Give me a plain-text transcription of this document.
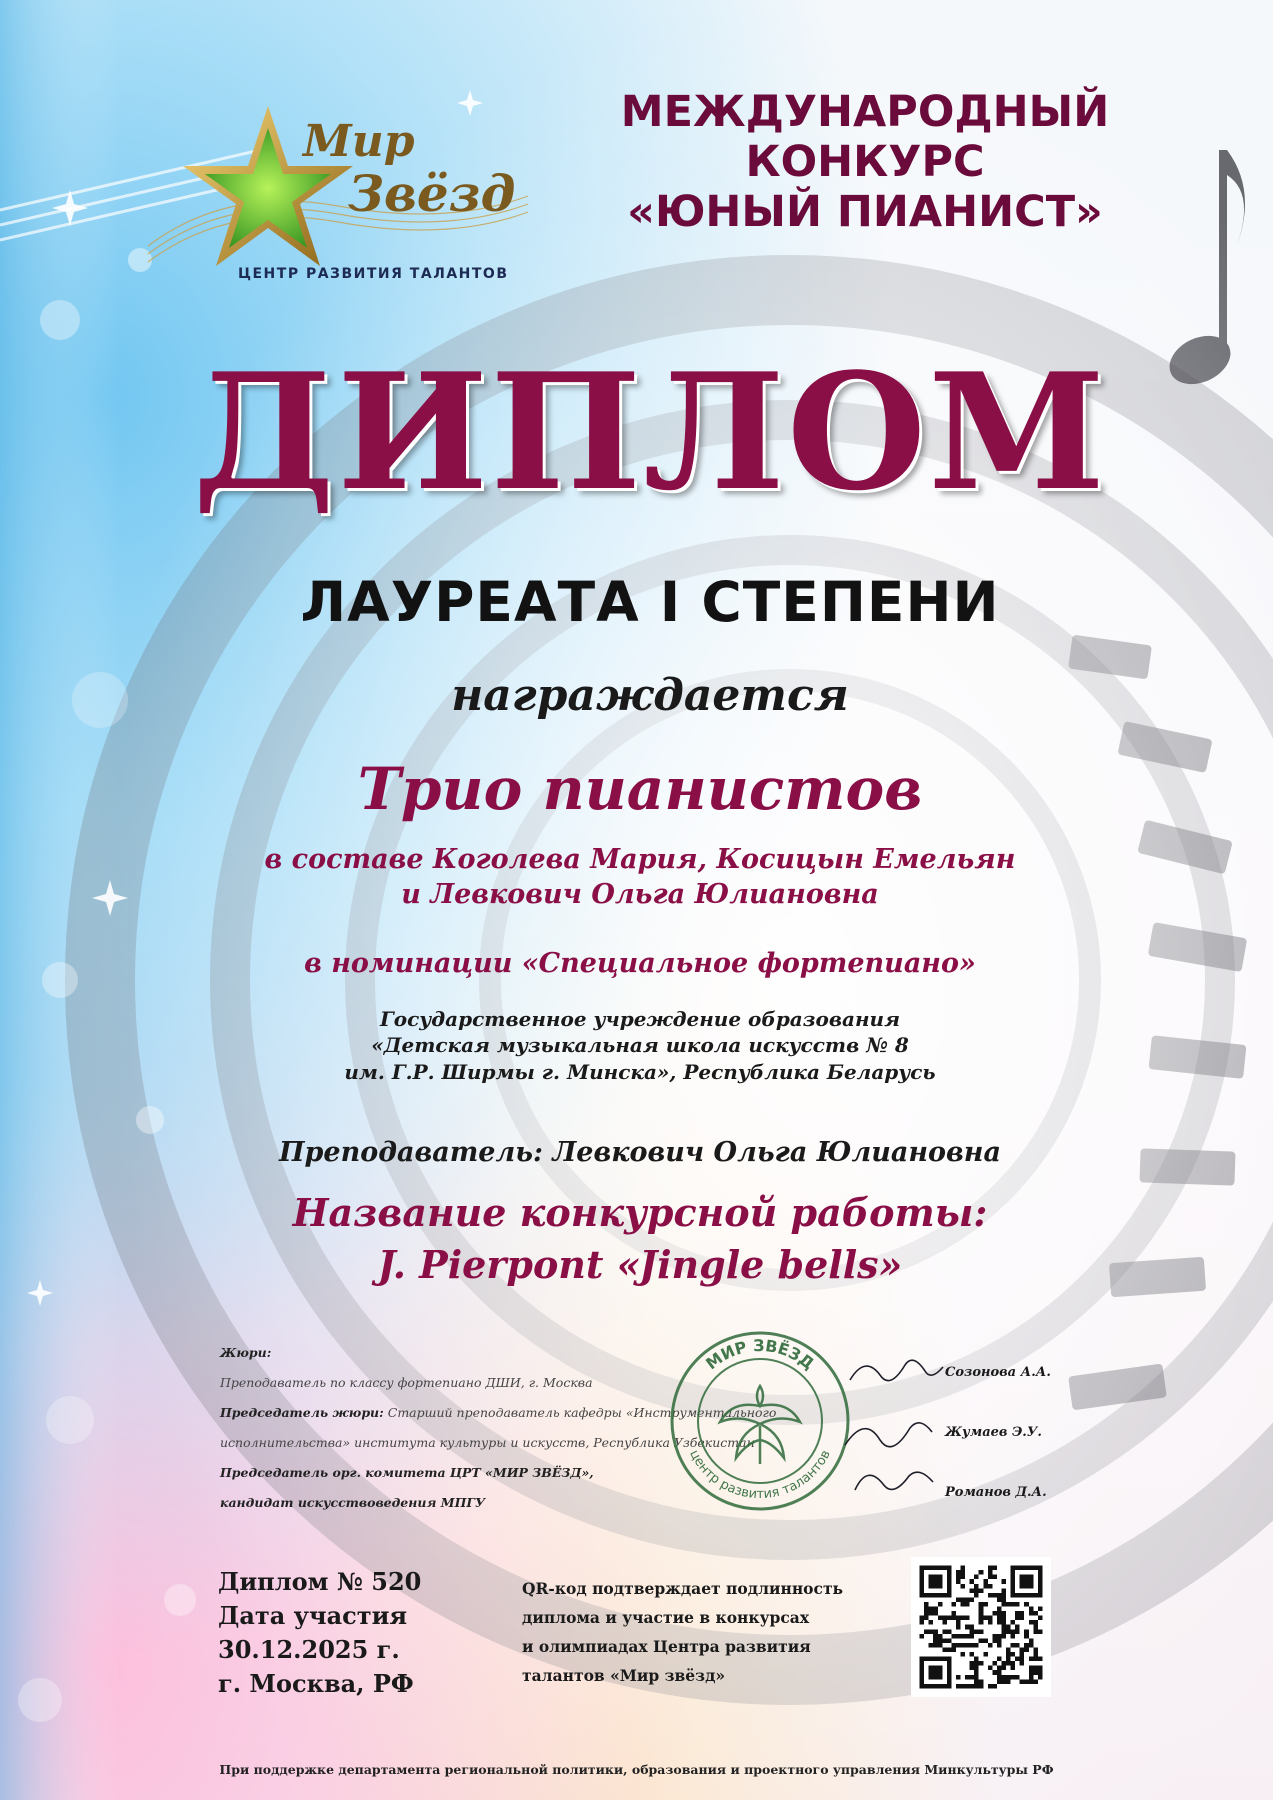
Мир
Звёзд
ЦЕНТР РАЗВИТИЯ ТАЛАНТОВ
МЕЖДУНАРОДНЫЙ
КОНКУРС
«ЮНЫЙ ПИАНИСТ»
ДИПЛОМ
ЛАУРЕАТА I СТЕПЕНИ
награждается
Трио пианистов
в составе Коголева Мария, Косицын Емельян
и Левкович Ольга Юлиановна
в номинации «Специальное фортепиано»
Государственное учреждение образования
«Детская музыкальная школа искусств № 8
им. Г.Р. Ширмы г. Минска», Республика Беларусь
Преподаватель: Левкович Ольга Юлиановна
Название конкурсной работы:
J. Pierpont «Jingle bells»
Жюри:
Преподаватель по классу фортепиано ДШИ, г. Москва
Председатель жюри: Старший преподаватель кафедры «Инструментального
исполнительства» института культуры и искусств, Республика Узбекистан
Председатель орг. комитета ЦРТ «МИР ЗВЁЗД»,
кандидат искусствоведения МПГУ
МИР ЗВЁЗД
центр развития талантов
Созонова А.А.
Жумаев Э.У.
Романов Д.А.
Диплом № 520
Дата участия
30.12.2025 г.
г. Москва, РФ
QR-код подтверждает подлинность
диплома и участие в конкурсах
и олимпиадах Центра развития
талантов «Мир звёзд»
При поддержке департамента региональной политики, образования и проектного управления Минкультуры РФ
